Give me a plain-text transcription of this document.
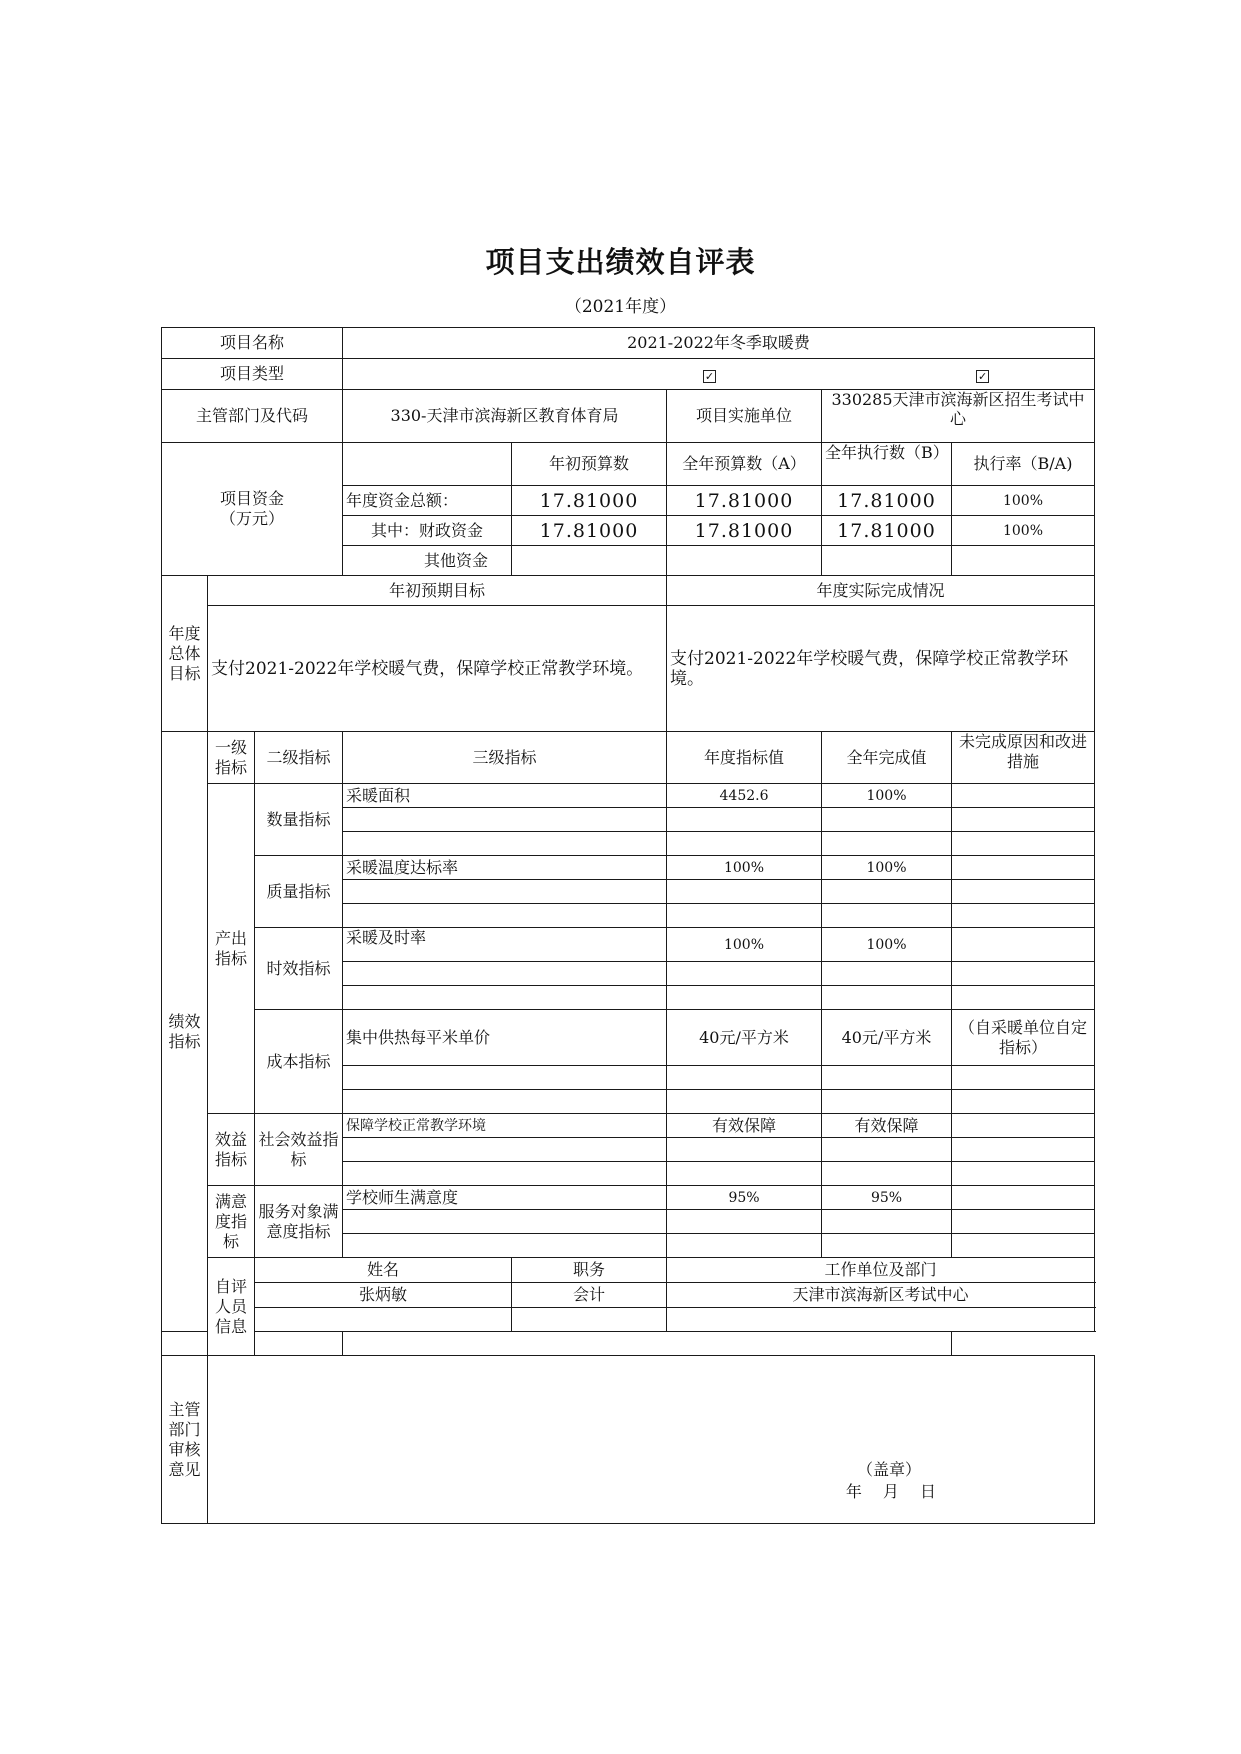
项目支出绩效自评表
（2021年度）
项目名称			2021-2022年冬季取暖费				
项目类型			✓ ✓				
主管部门及代码			330-天津市滨海新区教育体育局		项目实施单位	330285天津市滨海新区招生考试中心	

项目资金
（万元）				年初预算数	全年预算数（A）	全年执行数（B）	执行率（B/A)
			年度资金总额：	17.81000	17.81000	17.81000	100%
			其中：财政资金	17.81000	17.81000	17.81000	100%
			其他资金				
年度总体目标	年初预期目标				年度实际完成情况		
	支付2021-2022年学校暖气费，保障学校正常教学环境。				支付2021-2022年学校暖气费，保障学校正常教学环境。		
绩效指标	一级指标	二级指标	三级指标		年度指标值	全年完成值	未完成原因和改进措施
	产出指标	数量指标	采暖面积		4452.6	100%	

		质量指标	采暖温度达标率		100%	100%	

		时效指标	采暖及时率		100%	100%	

		成本指标	集中供热每平米单价		40元/平方米	40元/平方米	（自采暖单位自定指标）

	效益指标	社会效益指标	保障学校正常教学环境		有效保障	有效保障	

	满意度指标	服务对象满意度指标	学校师生满意度		95%	95%	

	自评人员信息	姓名		职务	工作单位及部门		
		张炳敏		会计	天津市滨海新区考试中心		

主管部门审核意见	（盖章）
年 月 日						
